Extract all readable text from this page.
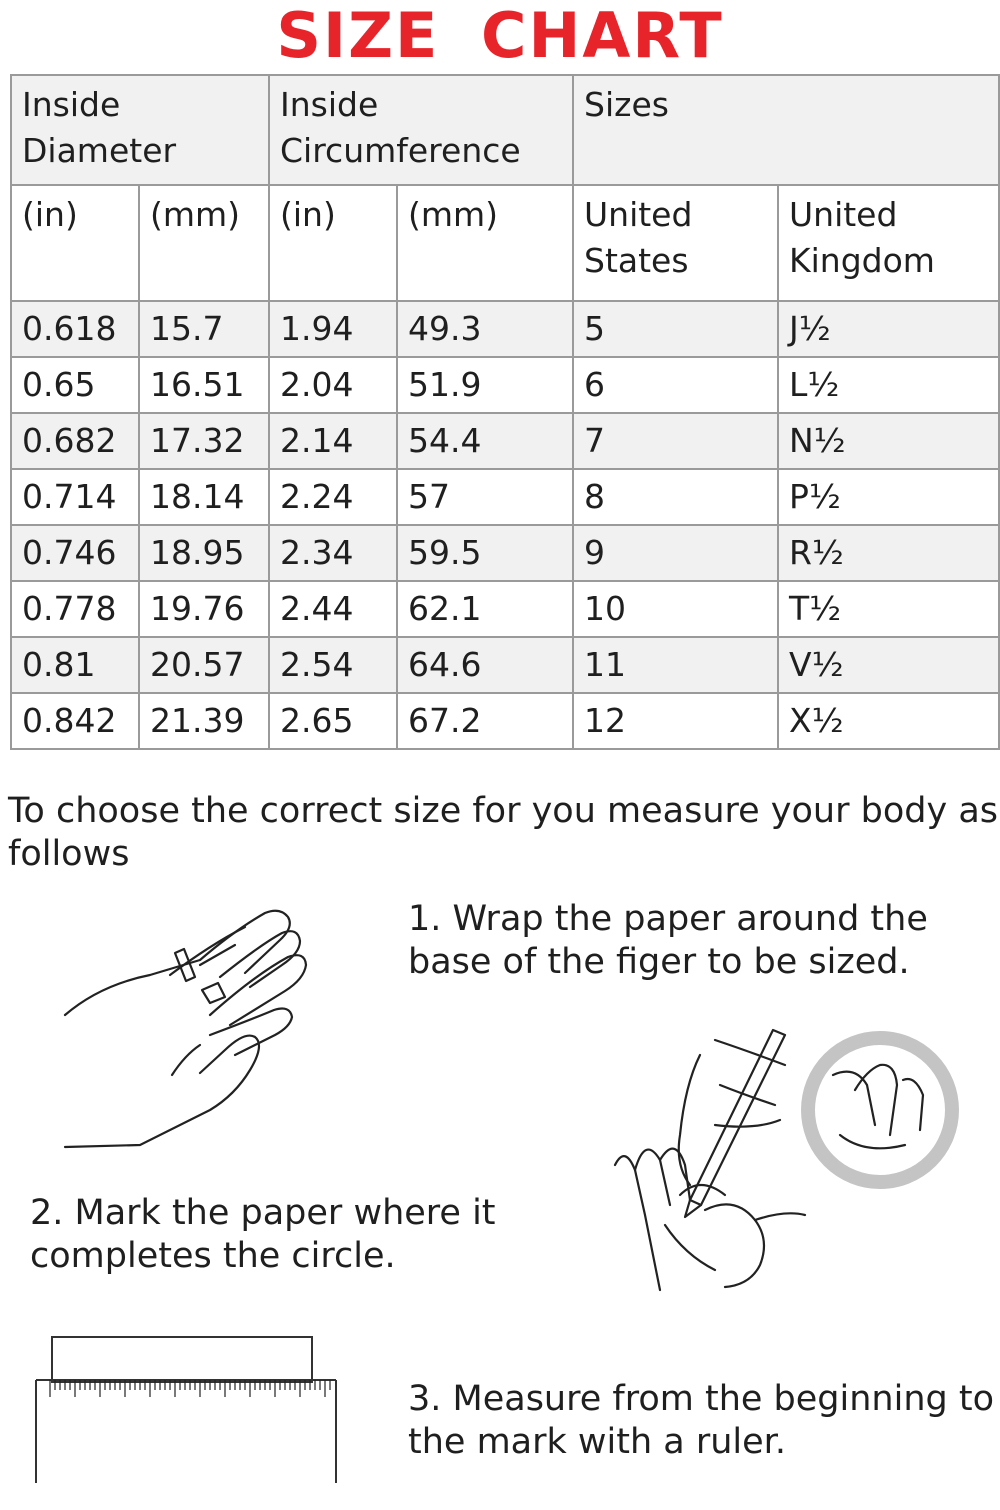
SIZE CHART
Inside Diameter		Inside Circumference		Sizes	
(in)	(mm)	(in)	(mm)	United States	United Kingdom
0.618	15.7	1.94	49.3	5	J½
0.65	16.51	2.04	51.9	6	L½
0.682	17.32	2.14	54.4	7	N½
0.714	18.14	2.24	57	8	P½
0.746	18.95	2.34	59.5	9	R½
0.778	19.76	2.44	62.1	10	T½
0.81	20.57	2.54	64.6	11	V½
0.842	21.39	2.65	67.2	12	X½
To choose the correct size for you measure your body as follows
1. Wrap the paper around the base of the figer to be sized.
2. Mark the paper where it completes the circle.
3. Measure from the beginning to the mark with a ruler.
